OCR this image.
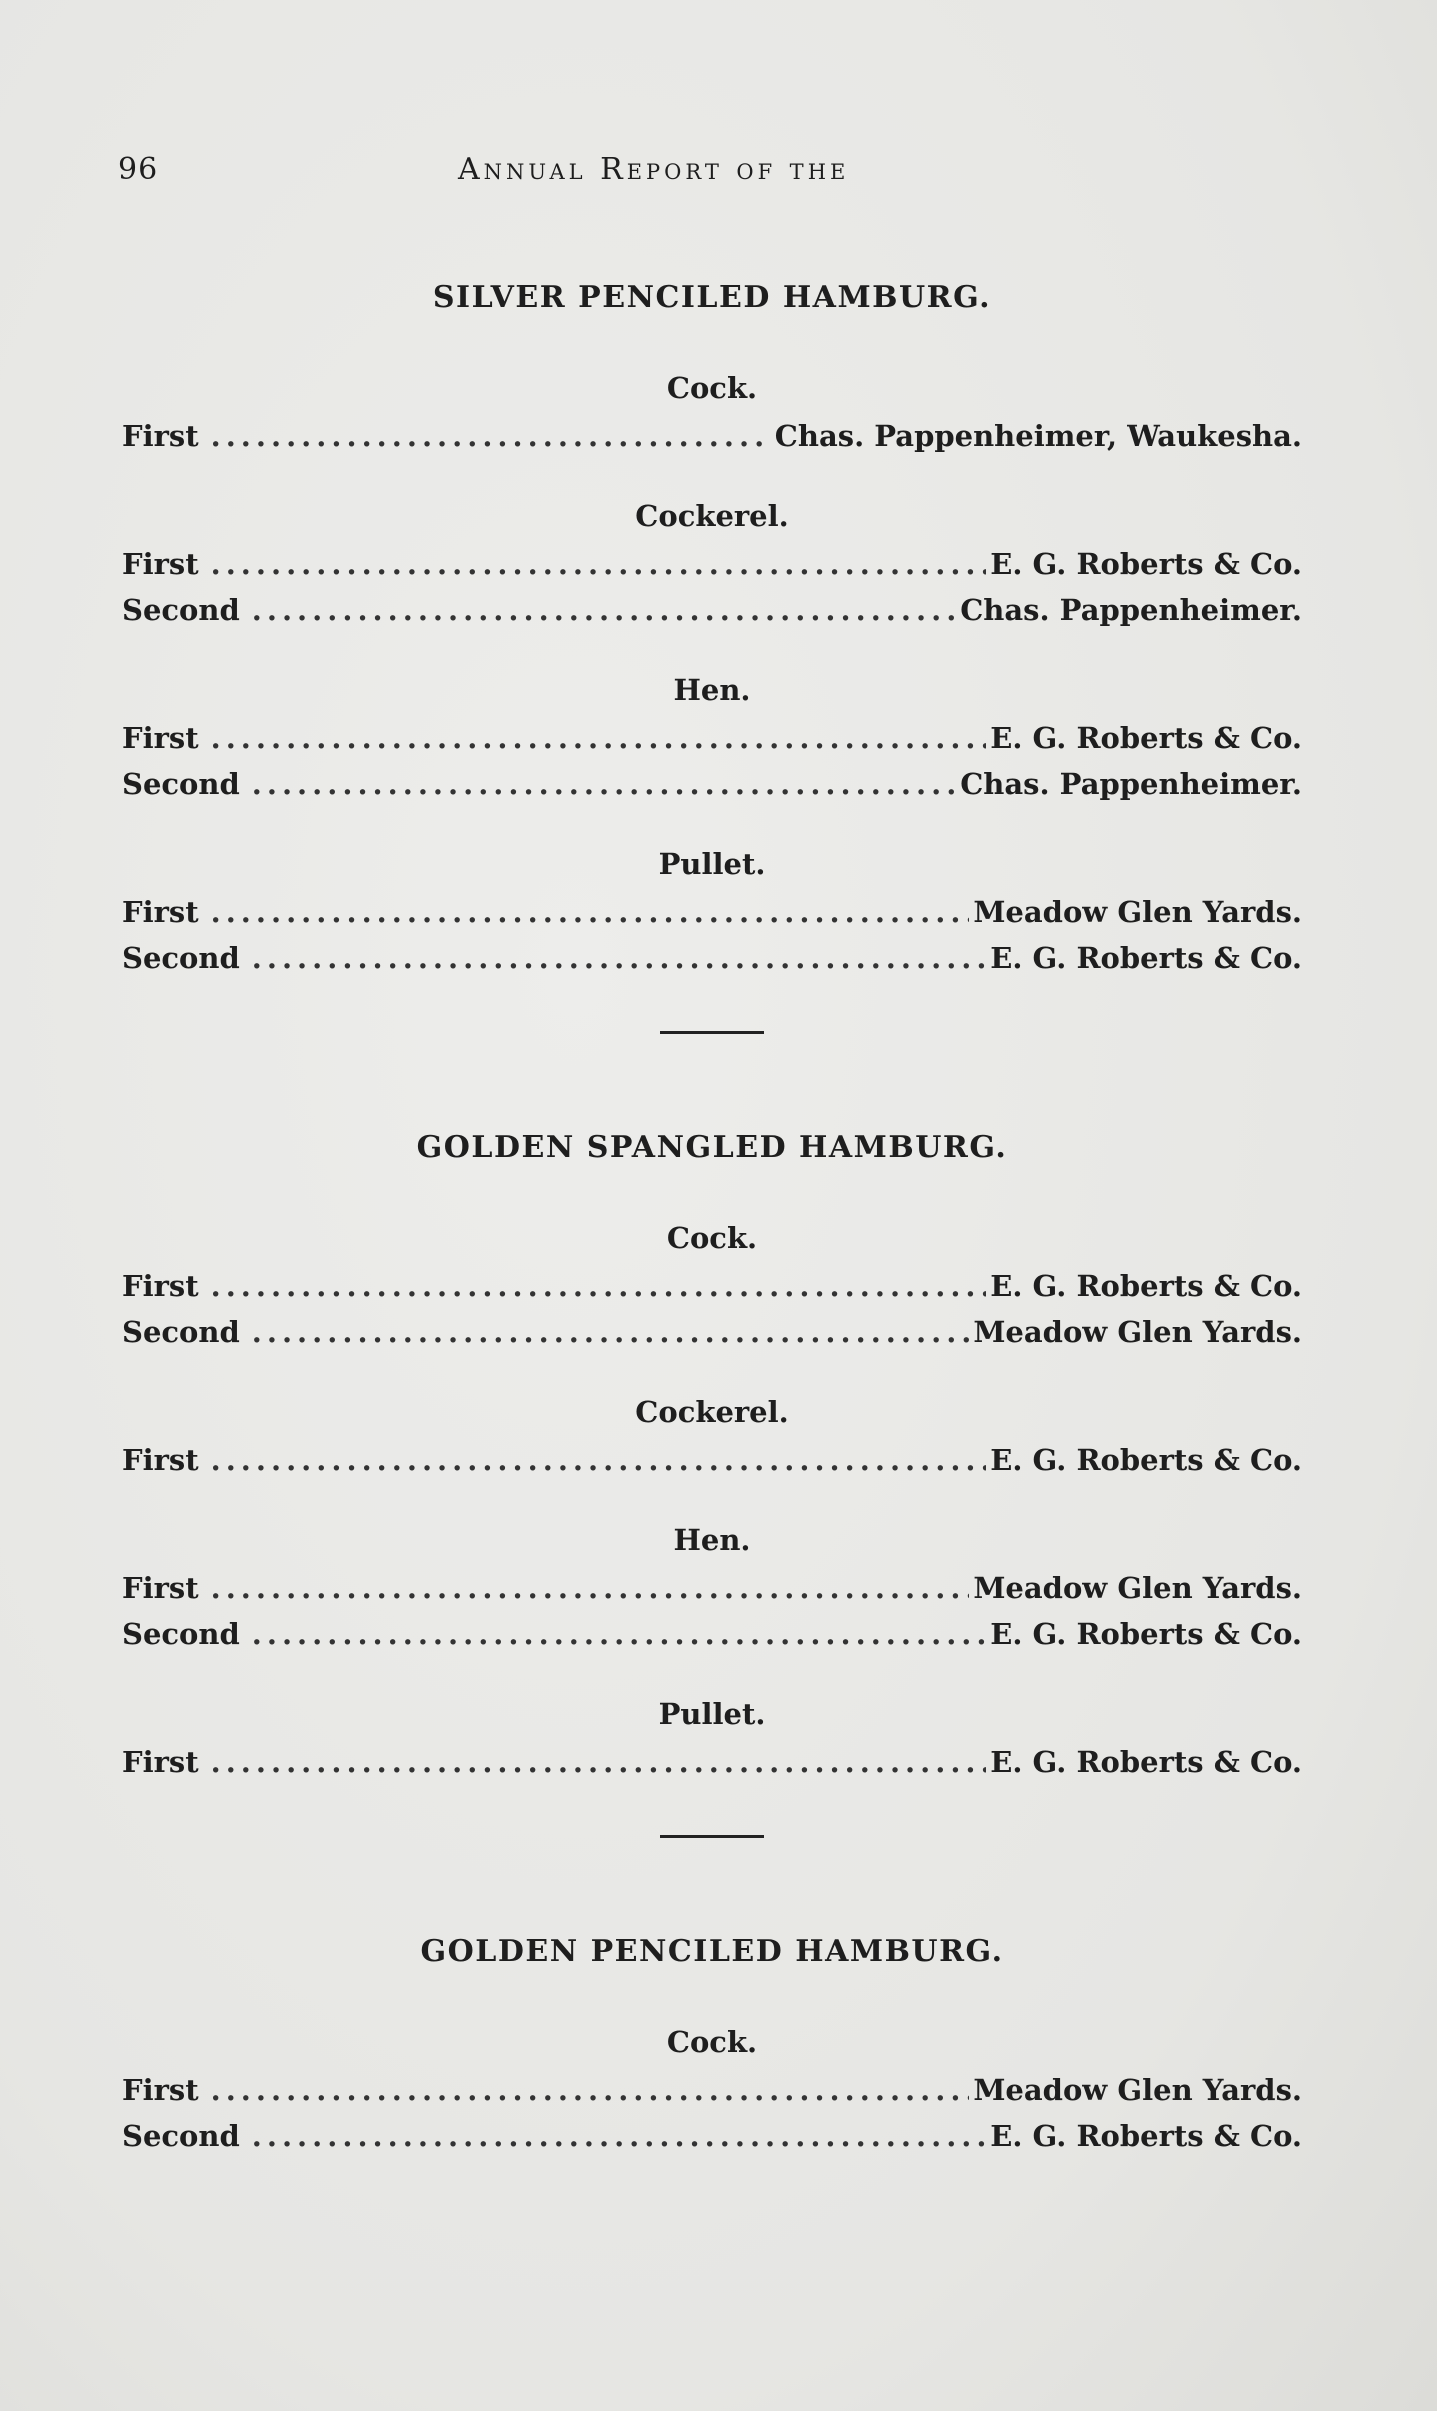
96	Annual Report of the
SILVER PENCILED HAMBURG.
Cock.
First .....	Chas. Pappenheimer, Waukesha.
Cockerel.
First .....	E. G. Roberts & Co.
Second .....	Chas. Pappenheimer.
Hen.
First .....	E. G. Roberts & Co.
Second .....	Chas. Pappenheimer.
Pullet.
First .....	Meadow Glen Yards.
Second .....	E. G. Roberts & Co.
GOLDEN SPANGLED HAMBURG.
Cock.
First .....	E. G. Roberts & Co.
Second .....	Meadow Glen Yards.
Cockerel.
First .....	E. G. Roberts & Co.
Hen.
First .....	Meadow Glen Yards.
Second .....	E. G. Roberts & Co.
Pullet.
First .....	E. G. Roberts & Co.
GOLDEN PENCILED HAMBURG.
Cock.
First .....	Meadow Glen Yards.
Second .....	E. G. Roberts & Co.
